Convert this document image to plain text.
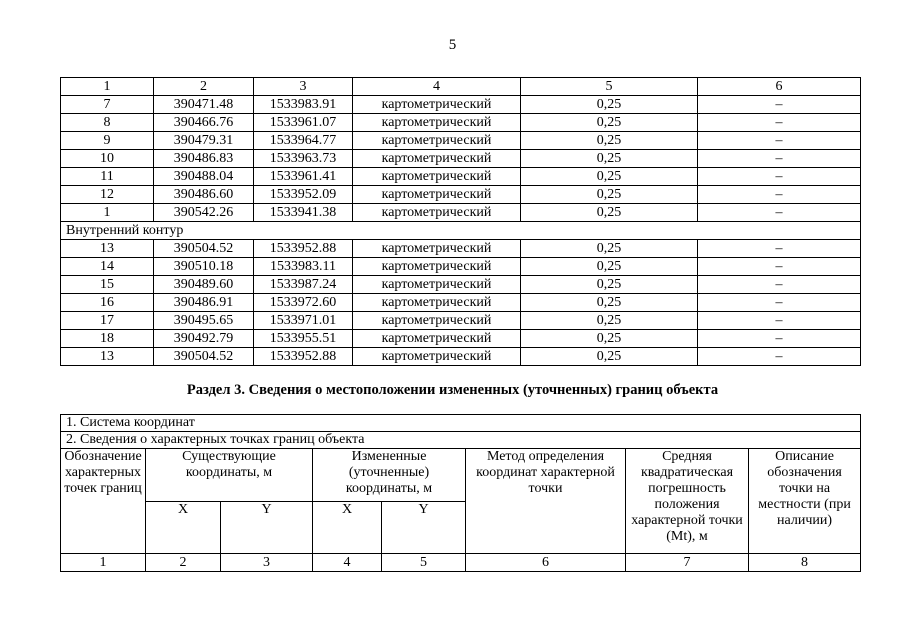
5
1	2	3	4	5	6
7	390471.48	1533983.91	картометрический	0,25	–
8	390466.76	1533961.07	картометрический	0,25	–
9	390479.31	1533964.77	картометрический	0,25	–
10	390486.83	1533963.73	картометрический	0,25	–
11	390488.04	1533961.41	картометрический	0,25	–
12	390486.60	1533952.09	картометрический	0,25	–
1	390542.26	1533941.38	картометрический	0,25	–
Внутренний контур					
13	390504.52	1533952.88	картометрический	0,25	–
14	390510.18	1533983.11	картометрический	0,25	–
15	390489.60	1533987.24	картометрический	0,25	–
16	390486.91	1533972.60	картометрический	0,25	–
17	390495.65	1533971.01	картометрический	0,25	–
18	390492.79	1533955.51	картометрический	0,25	–
13	390504.52	1533952.88	картометрический	0,25	–
Раздел 3. Сведения о местоположении измененных (уточненных) границ объекта
1. Система координат							
2. Сведения о характерных точках границ объекта							
Обозначение характерных точек границ	Существующие координаты, м		Измененные (уточненные) координаты, м		Метод определения координат характерной точки	Средняя квадратическая погрешность положения характерной точки (Mt), м	Описание обозначения точки на местности (при наличии)
	X	Y	X	Y			
1	2	3	4	5	6	7	8
